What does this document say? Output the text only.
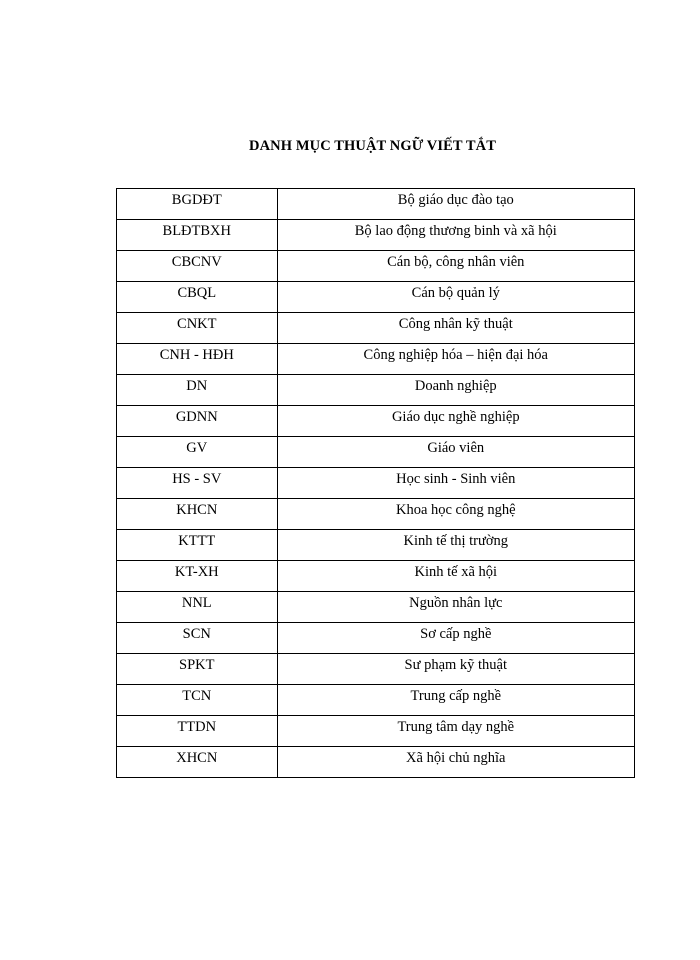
DANH MỤC THUẬT NGỮ VIẾT TẮT
BGDĐT	Bộ giáo dục đào tạo
BLĐTBXH	Bộ lao động thương binh và xã hội
CBCNV	Cán bộ, công nhân viên
CBQL	Cán bộ quản lý
CNKT	Công nhân kỹ thuật
CNH - HĐH	Công nghiệp hóa – hiện đại hóa
DN	Doanh nghiệp
GDNN	Giáo dục nghề nghiệp
GV	Giáo viên
HS - SV	Học sinh - Sinh viên
KHCN	Khoa học công nghệ
KTTT	Kinh tế thị trường
KT-XH	Kinh tế xã hội
NNL	Nguồn nhân lực
SCN	Sơ cấp nghề
SPKT	Sư phạm kỹ thuật
TCN	Trung cấp nghề
TTDN	Trung tâm dạy nghề
XHCN	Xã hội chủ nghĩa
